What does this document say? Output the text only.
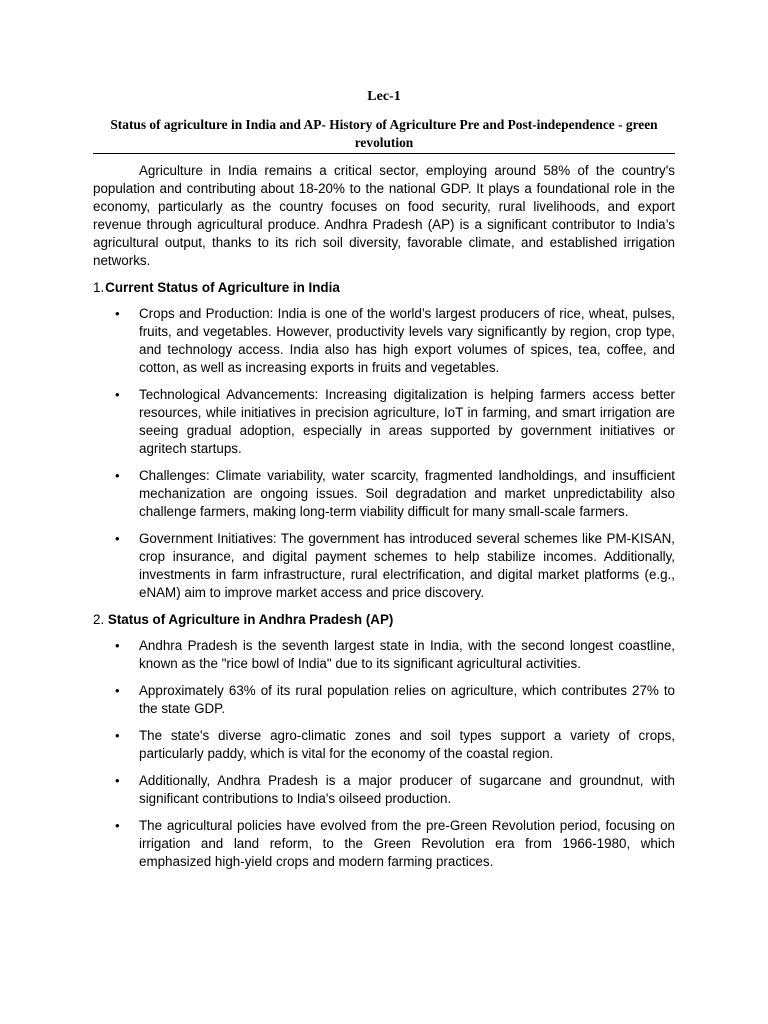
Lec-1
Status of agriculture in India and AP- History of Agriculture Pre and Post-independence - green revolution

Agriculture in India remains a critical sector, employing around 58% of the country's population and contributing about 18-20% to the national GDP. It plays a foundational role in the economy, particularly as the country focuses on food security, rural livelihoods, and export revenue through agricultural produce. Andhra Pradesh (AP) is a significant contributor to India’s agricultural output, thanks to its rich soil diversity, favorable climate, and established irrigation networks.

1.Current Status of Agriculture in India
• Crops and Production: India is one of the world’s largest producers of rice, wheat, pulses, fruits, and vegetables. However, productivity levels vary significantly by region, crop type, and technology access. India also has high export volumes of spices, tea, coffee, and cotton, as well as increasing exports in fruits and vegetables.
• Technological Advancements: Increasing digitalization is helping farmers access better resources, while initiatives in precision agriculture, IoT in farming, and smart irrigation are seeing gradual adoption, especially in areas supported by government initiatives or agritech startups.
• Challenges: Climate variability, water scarcity, fragmented landholdings, and insufficient mechanization are ongoing issues. Soil degradation and market unpredictability also challenge farmers, making long-term viability difficult for many small-scale farmers.
• Government Initiatives: The government has introduced several schemes like PM-KISAN, crop insurance, and digital payment schemes to help stabilize incomes. Additionally, investments in farm infrastructure, rural electrification, and digital market platforms (e.g., eNAM) aim to improve market access and price discovery.
2. Status of Agriculture in Andhra Pradesh (AP)
• Andhra Pradesh is the seventh largest state in India, with the second longest coastline, known as the "rice bowl of India" due to its significant agricultural activities.
• Approximately 63% of its rural population relies on agriculture, which contributes 27% to the state GDP.
• The state's diverse agro-climatic zones and soil types support a variety of crops, particularly paddy, which is vital for the economy of the coastal region.
• Additionally, Andhra Pradesh is a major producer of sugarcane and groundnut, with significant contributions to India's oilseed production.
• The agricultural policies have evolved from the pre-Green Revolution period, focusing on irrigation and land reform, to the Green Revolution era from 1966-1980, which emphasized high-yield crops and modern farming practices.
